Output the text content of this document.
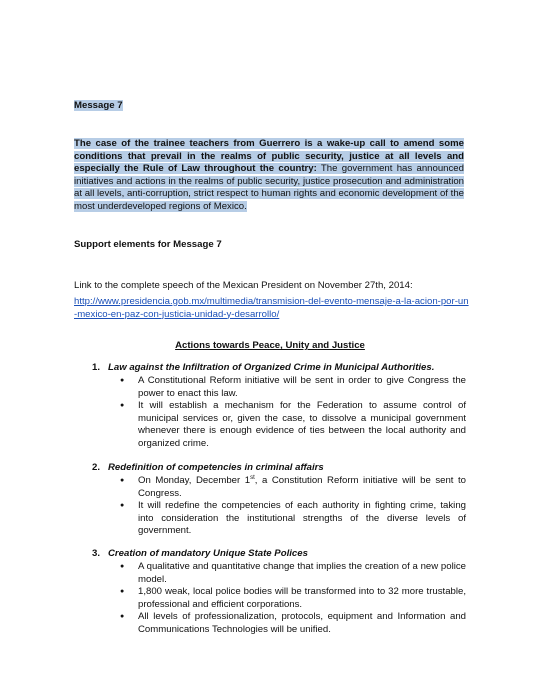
Message 7
The case of the trainee teachers from Guerrero is a wake-up call to amend some conditions that prevail in the realms of public security, justice at all levels and especially the Rule of Law throughout the country: The government has announced initiatives and actions in the realms of public security, justice prosecution and administration at all levels, anti-corruption, strict respect to human rights and economic development of the most underdeveloped regions of Mexico.
Support elements for Message 7
Link to the complete speech of the Mexican President on November 27th, 2014:
http://www.presidencia.gob.mx/multimedia/transmision-del-evento-mensaje-a-la-acion-por-un-mexico-en-paz-con-justicia-unidad-y-desarrollo/
Actions towards Peace, Unity and Justice
1. Law against the Infiltration of Organized Crime in Municipal Authorities.
● A Constitutional Reform initiative will be sent in order to give Congress the power to enact this law.
● It will establish a mechanism for the Federation to assume control of municipal services or, given the case, to dissolve a municipal government whenever there is enough evidence of ties between the local authority and organized crime.
2. Redefinition of competencies in criminal affairs
● On Monday, December 1st, a Constitution Reform initiative will be sent to Congress.
● It will redefine the competencies of each authority in fighting crime, taking into consideration the institutional strengths of the diverse levels of government.
3. Creation of mandatory Unique State Polices
● A qualitative and quantitative change that implies the creation of a new police model.
● 1,800 weak, local police bodies will be transformed into to 32 more trustable, professional and efficient corporations.
● All levels of professionalization, protocols, equipment and Information and Communications Technologies will be unified.
